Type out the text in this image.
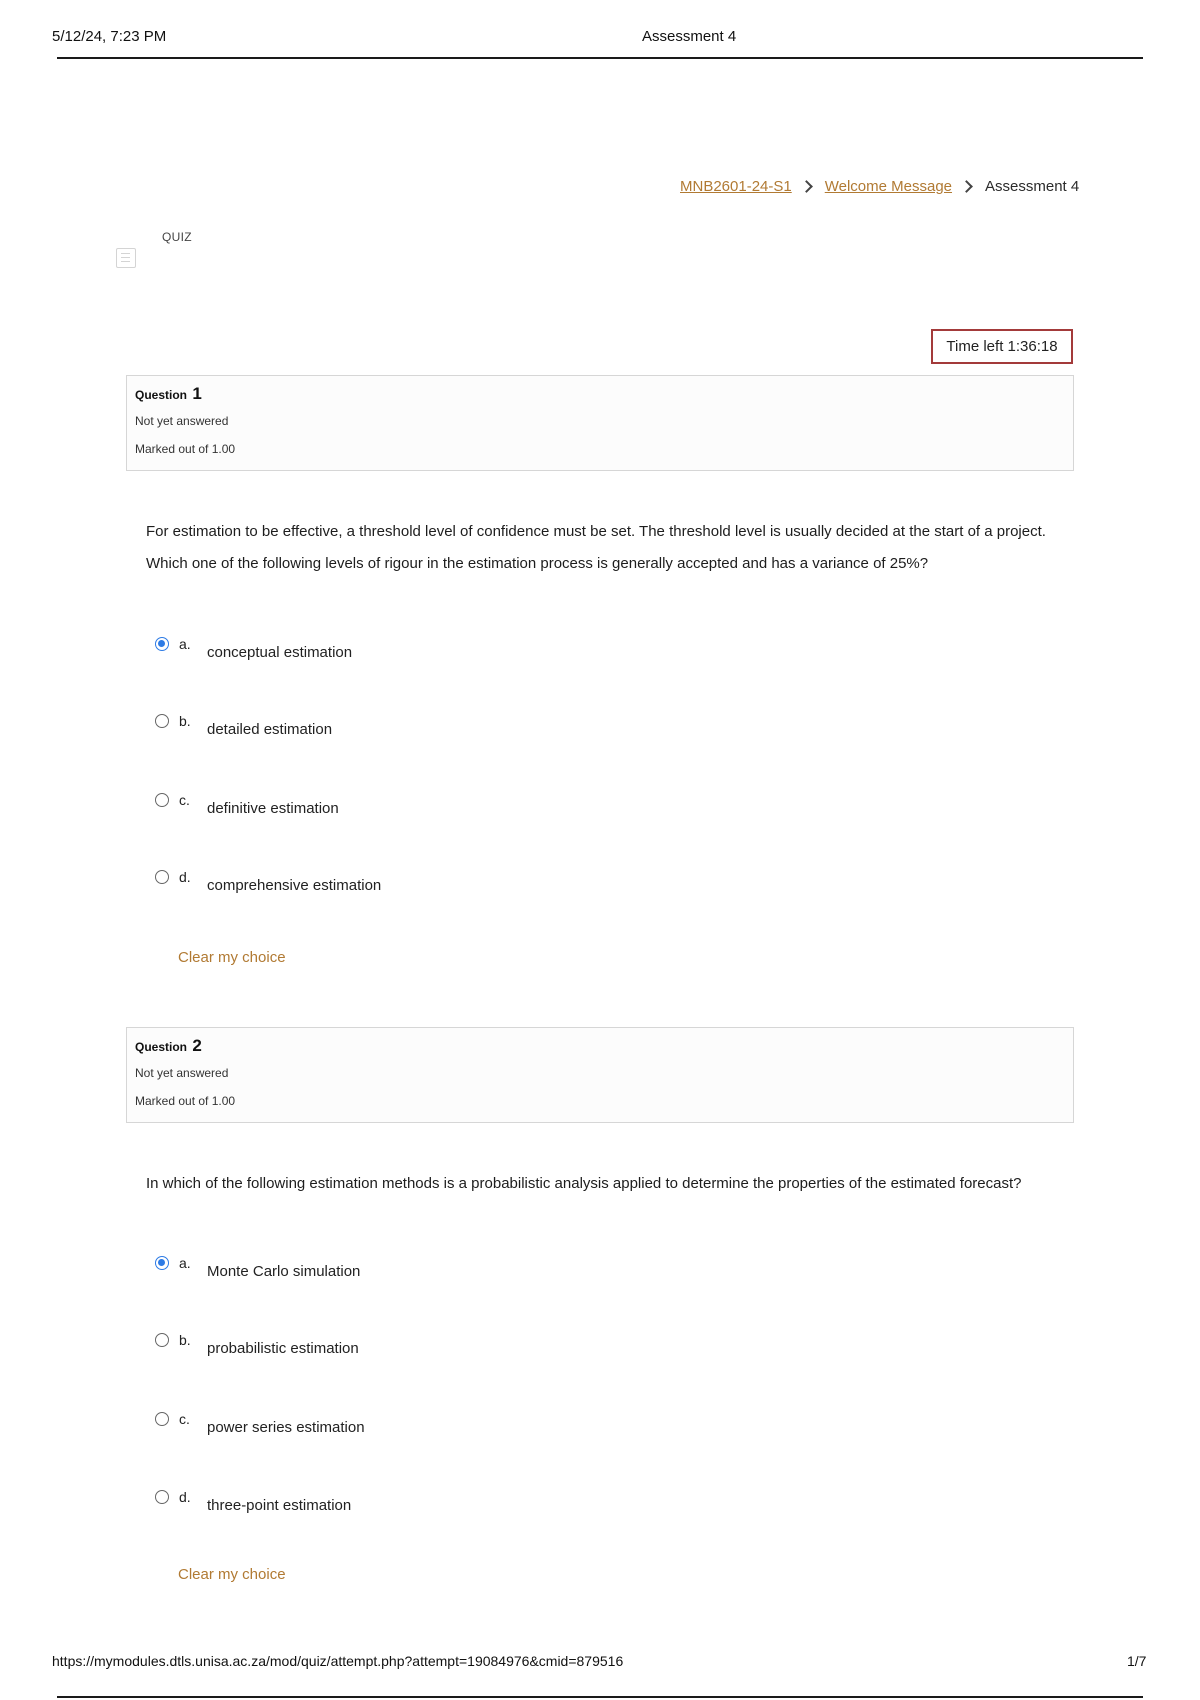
5/12/24, 7:23 PM	Assessment 4
MNB2601-24-S1 Welcome Message Assessment 4
QUIZ
Time left 1:36:18
Question 1
Not yet answered
Marked out of 1.00

For estimation to be effective, a threshold level of confidence must be set. The threshold level is usually decided at the start of a project.

Which one of the following levels of rigour in the estimation process is generally accepted and has a variance of 25%?

a.	conceptual estimation
b.	detailed estimation
c.	definitive estimation
d.	comprehensive estimation
Clear my choice
Question 2
Not yet answered
Marked out of 1.00

In which of the following estimation methods is a probabilistic analysis applied to determine the properties of the estimated forecast?

a.	Monte Carlo simulation
b.	probabilistic estimation
c.	power series estimation
d.	three-point estimation
Clear my choice
https://mymodules.dtls.unisa.ac.za/mod/quiz/attempt.php?attempt=19084976&cmid=879516	1/7
